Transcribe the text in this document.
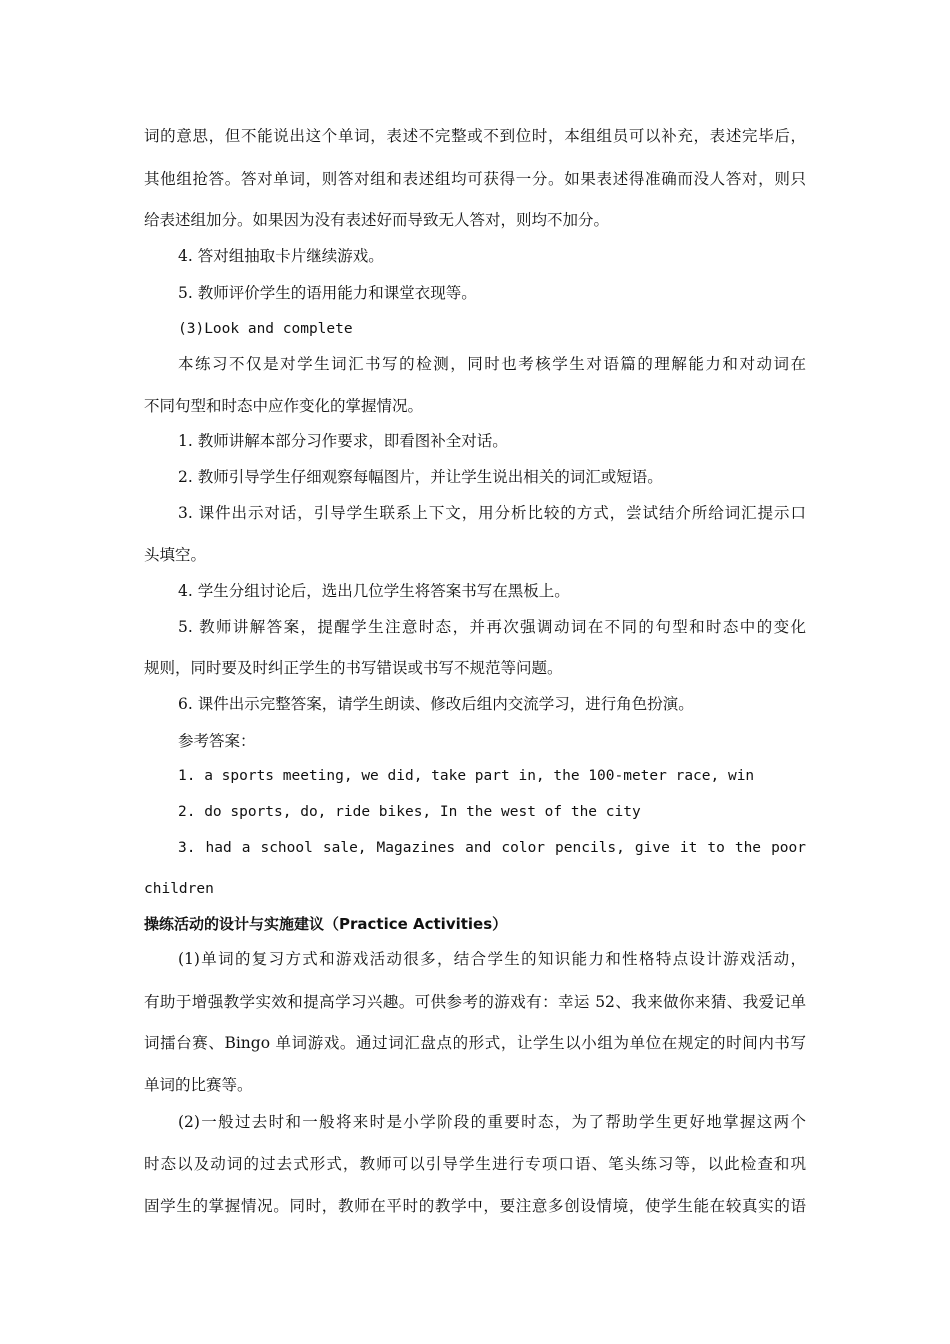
词的意思，但不能说出这个单词，表述不完整或不到位时，本组组员可以补充，表述完毕后，
其他组抢答。答对单词，则答对组和表述组均可获得一分。如果表述得准确而没人答对，则只
给表述组加分。如果因为没有表述好而导致无人答对，则均不加分。
4. 答对组抽取卡片继续游戏。
5. 教师评价学生的语用能力和课堂衣现等。
(3)Look and complete
本练习不仅是对学生词汇书写的检测，同时也考核学生对语篇的理解能力和对动词在
不同句型和时态中应作变化的掌握情况。
1. 教师讲解本部分习作要求，即看图补全对话。
2. 教师引导学生仔细观察每幅图片，并让学生说出相关的词汇或短语。
3. 课件出示对话，引导学生联系上下文，用分析比较的方式，尝试结介所给词汇提示口
头填空。
4. 学生分组讨论后，选出几位学生将答案书写在黑板上。
5. 教师讲解答案，提醒学生注意时态，并再次强调动词在不同的句型和时态中的变化
规则，同时要及时纠正学生的书写错误或书写不规范等问题。
6. 课件出示完整答案，请学生朗读、修改后组内交流学习，进行角色扮演。
参考答案：
1. a sports meeting, we did, take part in, the 100-meter race, win
2. do sports, do, ride bikes, In the west of the city
3. had a school sale, Magazines and color pencils, give it to the poor
children
操练活动的设计与实施建议（Practice Activities）
(1)单词的复习方式和游戏活动很多，结合学生的知识能力和性格特点设计游戏活动，
有助于增强教学实效和提高学习兴趣。可供参考的游戏有：幸运 52、我来做你来猜、我爱记单
词擂台赛、Bingo 单词游戏。通过词汇盘点的形式，让学生以小组为单位在规定的时间内书写
单词的比赛等。
(2)一般过去时和一般将来时是小学阶段的重要时态，为了帮助学生更好地掌握这两个
时态以及动词的过去式形式，教师可以引导学生进行专项口语、笔头练习等，以此检查和巩
固学生的掌握情况。同时，教师在平时的教学中，要注意多创设情境，使学生能在较真实的语
